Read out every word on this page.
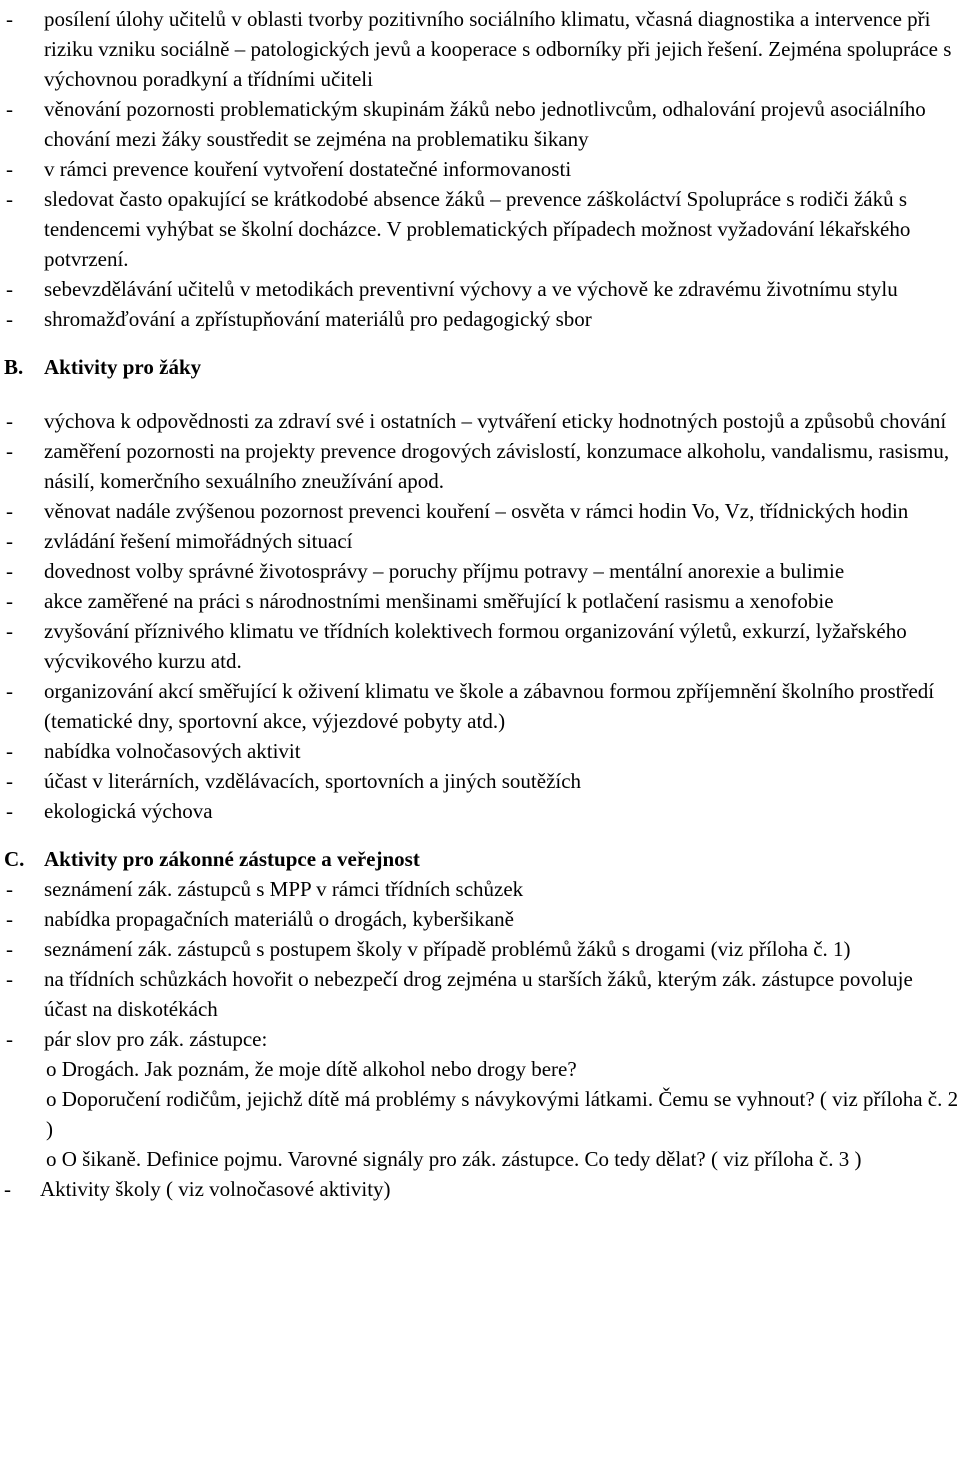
-	posílení úlohy učitelů v oblasti tvorby pozitivního sociálního klimatu, včasná diagnostika a intervence při riziku vzniku sociálně – patologických jevů a kooperace s odborníky při jejich řešení. Zejména spolupráce s výchovnou poradkyní a třídními učiteli
-	věnování pozornosti problematickým skupinám žáků nebo jednotlivcům, odhalování projevů asociálního chování mezi žáky soustředit se zejména na problematiku šikany
-	v rámci prevence kouření vytvoření dostatečné informovanosti
-	sledovat často opakující se krátkodobé absence žáků – prevence záškoláctví Spolupráce s rodiči žáků s tendencemi vyhýbat se školní docházce. V problematických případech možnost vyžadování lékařského potvrzení.
-	sebevzdělávání učitelů v metodikách preventivní výchovy a ve výchově ke zdravému životnímu stylu
-	shromažďování a zpřístupňování materiálů pro pedagogický sbor
B. Aktivity pro žáky
-	výchova k odpovědnosti za zdraví své i ostatních – vytváření eticky hodnotných postojů a způsobů chování
-	zaměření pozornosti na projekty prevence drogových závislostí, konzumace alkoholu, vandalismu, rasismu, násilí, komerčního sexuálního zneužívání apod.
-	věnovat nadále zvýšenou pozornost prevenci kouření – osvěta v rámci hodin Vo, Vz, třídnických hodin
-	zvládání řešení mimořádných situací
-	dovednost volby správné životosprávy – poruchy příjmu potravy – mentální anorexie a bulimie
-	akce zaměřené na práci s národnostními menšinami směřující k potlačení rasismu a xenofobie
-	zvyšování příznivého klimatu ve třídních kolektivech formou organizování výletů, exkurzí, lyžařského výcvikového kurzu atd.
-	organizování akcí směřující k oživení klimatu ve škole a zábavnou formou zpříjemnění školního prostředí (tematické dny, sportovní akce, výjezdové pobyty atd.)
-	nabídka volnočasových aktivit
-	účast v literárních, vzdělávacích, sportovních a jiných soutěžích
-	ekologická výchova
C. Aktivity pro zákonné zástupce a veřejnost
-	seznámení zák. zástupců s MPP v rámci třídních schůzek
-	nabídka propagačních materiálů o drogách, kyberšikaně
-	seznámení zák. zástupců s postupem školy v případě problémů žáků s drogami (viz příloha č. 1)
-	na třídních schůzkách hovořit o nebezpečí drog zejména u starších žáků, kterým zák. zástupce povoluje účast na diskotékách
-	pár slov pro zák. zástupce:
o Drogách. Jak poznám, že moje dítě alkohol nebo drogy bere?
o Doporučení rodičům, jejichž dítě má problémy s návykovými látkami. Čemu se vyhnout? ( viz příloha č. 2 )
o O šikaně. Definice pojmu. Varovné signály pro zák. zástupce. Co tedy dělat? ( viz příloha č. 3 )
-	Aktivity školy ( viz volnočasové aktivity)
